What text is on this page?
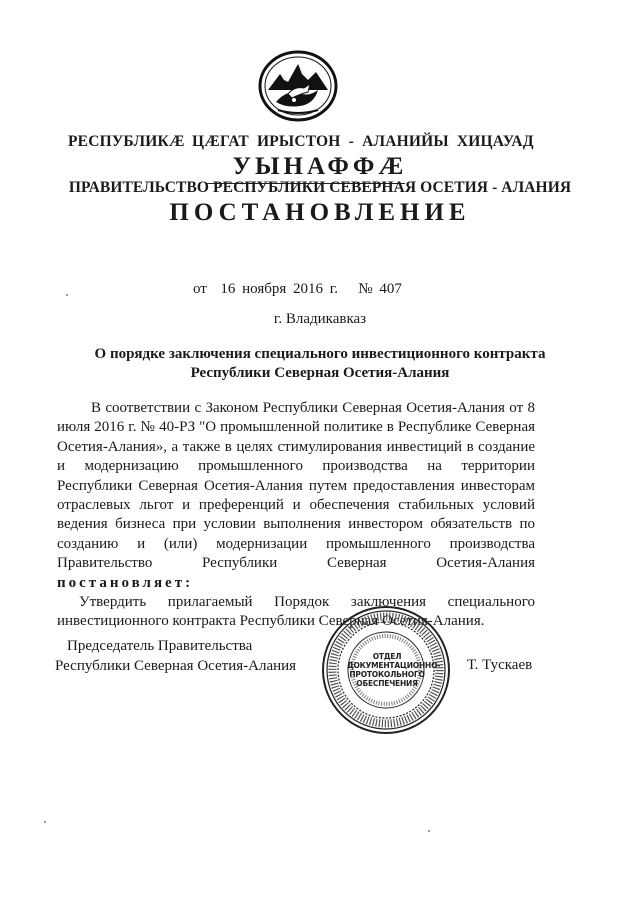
РЕСПУБЛИКӔ ЦӔГАТ ИРЫСТОН - АЛАНИЙЫ ХИЦАУАД
УЫНАФФӔ
ПРАВИТЕЛЬСТВО РЕСПУБЛИКИ СЕВЕРНАЯ ОСЕТИЯ - АЛАНИЯ
ПОСТАНОВЛЕНИЕ
от 16 ноября 2016 г. № 407
г. Владикавказ
О порядке заключения специального инвестиционного контракта
Республики Северная Осетия-Алания

В соответствии с Законом Республики Северная Осетия-Алания от 8 июля 2016 г. № 40-РЗ "О промышленной политике в Республике Северная Осетия-Алания», а также в целях стимулирования инвестиций в создание и модернизацию промышленного производства на территории Республики Северная Осетия-Алания путем предоставления инвесторам отраслевых льгот и преференций и обеспечения стабильных условий ведения бизнеса при условии выполнения инвестором обязательств по созданию и (или) модернизации промышленного производства Правительство Республики Северная Осетия-Алания постановляет:

Утвердить прилагаемый Порядок заключения специального инвестиционного контракта Республики Северная Осетия-Алания.

Председатель Правительства
Республики Северная Осетия-Алания	Т. Тускаев
ОТДЕЛ
ДОКУМЕНТАЦИОННО-
ПРОТОКОЛЬНОГО
ОБЕСПЕЧЕНИЯ
